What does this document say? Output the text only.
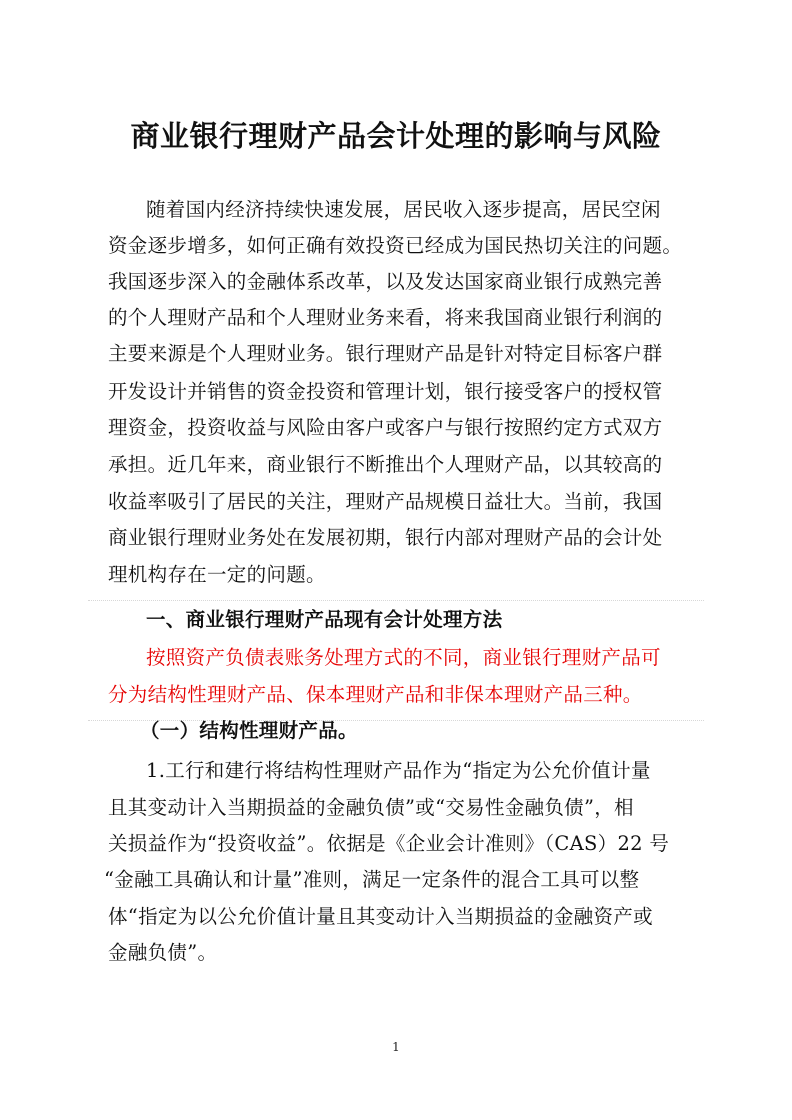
商业银行理财产品会计处理的影响与风险
随着国内经济持续快速发展，居民收入逐步提高，居民空闲
资金逐步增多，如何正确有效投资已经成为国民热切关注的问题。
我国逐步深入的金融体系改革，以及发达国家商业银行成熟完善
的个人理财产品和个人理财业务来看，将来我国商业银行利润的
主要来源是个人理财业务。银行理财产品是针对特定目标客户群
开发设计并销售的资金投资和管理计划，银行接受客户的授权管
理资金，投资收益与风险由客户或客户与银行按照约定方式双方
承担。近几年来，商业银行不断推出个人理财产品，以其较高的
收益率吸引了居民的关注，理财产品规模日益壮大。当前，我国
商业银行理财业务处在发展初期，银行内部对理财产品的会计处
理机构存在一定的问题。
一、商业银行理财产品现有会计处理方法
按照资产负债表账务处理方式的不同，商业银行理财产品可
分为结构性理财产品、保本理财产品和非保本理财产品三种。
（一）结构性理财产品。
1.工行和建行将结构性理财产品作为“指定为公允价值计量
且其变动计入当期损益的金融负债”或“交易性金融负债”，相
关损益作为“投资收益”。依据是《企业会计准则》（CAS）22 号
“金融工具确认和计量”准则，满足一定条件的混合工具可以整
体“指定为以公允价值计量且其变动计入当期损益的金融资产或
金融负债”。
1
